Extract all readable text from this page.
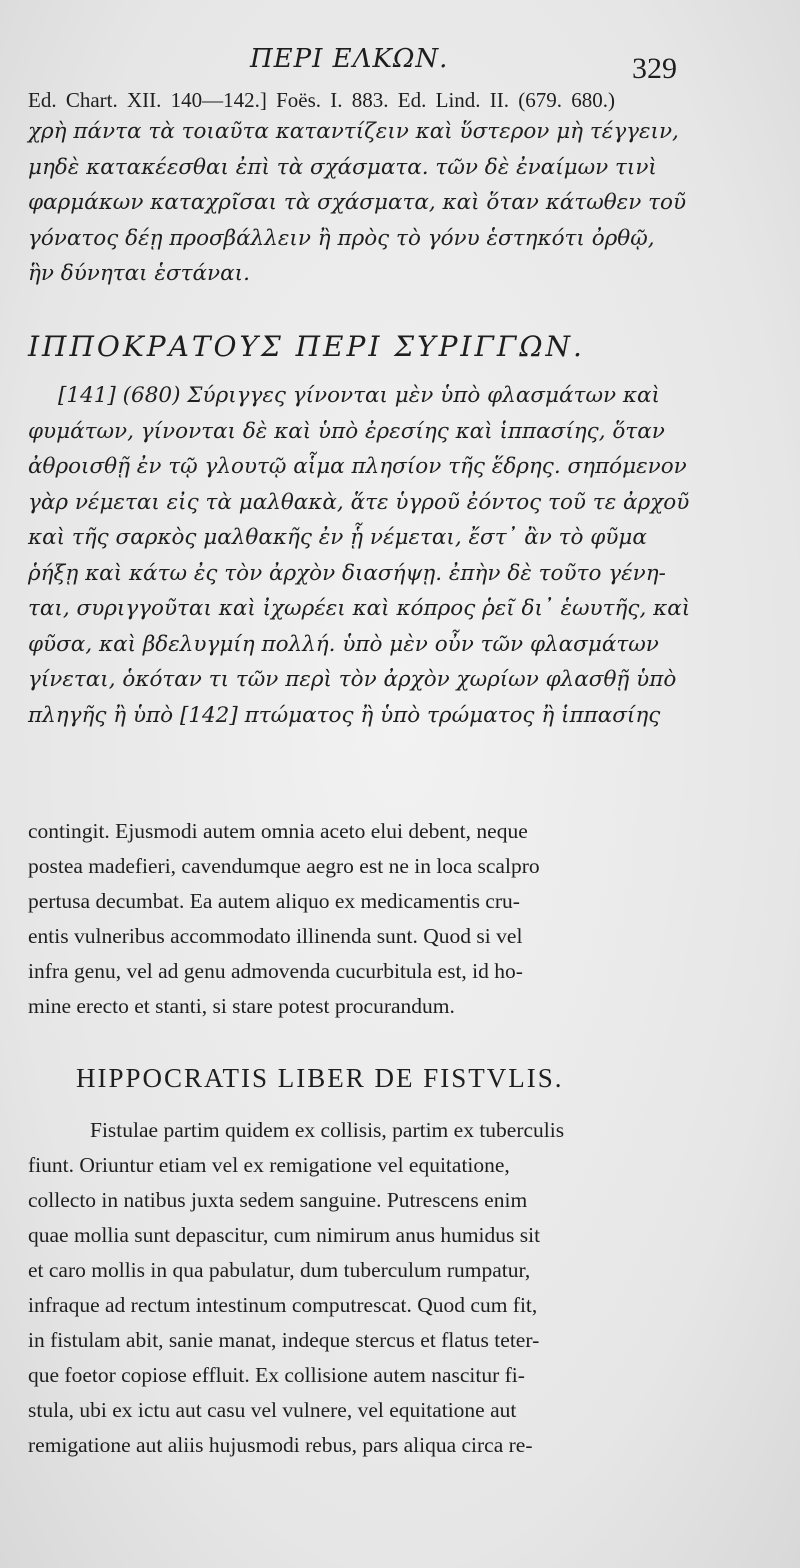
ΠΕΡΙ ΕΛΚΩΝ.	329
Ed. Chart. XII. 140—142.] Foës. I. 883. Ed. Lind. II. (679. 680.)

χρὴ πάντα τὰ τοιαῦτα καταντίζειν καὶ ὕστερον μὴ τέγγειν,
μηδὲ κατακέεσθαι ἐπὶ τὰ σχάσματα. τῶν δὲ ἐναίμων τινὶ
φαρμάκων καταχρῖσαι τὰ σχάσματα, καὶ ὅταν κάτωθεν τοῦ
γόνατος δέῃ προσβάλλειν ἢ πρὸς τὸ γόνυ ἑστηκότι ὀρθῷ,
ἣν δύνηται ἑστάναι.

ΙΠΠΟΚΡΑΤΟΥΣ ΠΕΡΙ ΣΥΡΙΓΓΩΝ.

[141] (680) Σύριγγες γίνονται μὲν ὑπὸ φλασμάτων καὶ
φυμάτων, γίνονται δὲ καὶ ὑπὸ ἐρεσίης καὶ ἱππασίης, ὅταν
ἀθροισθῇ ἐν τῷ γλουτῷ αἷμα πλησίον τῆς ἕδρης. σηπόμενον
γὰρ νέμεται εἰς τὰ μαλθακὰ, ἅτε ὑγροῦ ἐόντος τοῦ τε ἀρχοῦ
καὶ τῆς σαρκὸς μαλθακῆς ἐν ᾗ νέμεται, ἔστ᾽ ἂν τὸ φῦμα
ῥήξῃ καὶ κάτω ἐς τὸν ἀρχὸν διασήψῃ. ἐπὴν δὲ τοῦτο γένη-
ται, συριγγοῦται καὶ ἰχωρέει καὶ κόπρος ῥεῖ δι᾽ ἑωυτῆς, καὶ
φῦσα, καὶ βδελυγμίη πολλή. ὑπὸ μὲν οὖν τῶν φλασμάτων
γίνεται, ὁκόταν τι τῶν περὶ τὸν ἀρχὸν χωρίων φλασθῇ ὑπὸ
πληγῆς ἢ ὑπὸ [142] πτώματος ἢ ὑπὸ τρώματος ἢ ἱππασίης

contingit. Ejusmodi autem omnia aceto elui debent, neque
postea madefieri, cavendumque aegro est ne in loca scalpro
pertusa decumbat. Ea autem aliquo ex medicamentis cru-
entis vulneribus accommodato illinenda sunt. Quod si vel
infra genu, vel ad genu admovenda cucurbitula est, id ho-
mine erecto et stanti, si stare potest procurandum.

HIPPOCRATIS LIBER DE FISTVLIS.

Fistulae partim quidem ex collisis, partim ex tuberculis
fiunt. Oriuntur etiam vel ex remigatione vel equitatione,
collecto in natibus juxta sedem sanguine. Putrescens enim
quae mollia sunt depascitur, cum nimirum anus humidus sit
et caro mollis in qua pabulatur, dum tuberculum rumpatur,
infraque ad rectum intestinum computrescat. Quod cum fit,
in fistulam abit, sanie manat, indeque stercus et flatus teter-
que foetor copiose effluit. Ex collisione autem nascitur fi-
stula, ubi ex ictu aut casu vel vulnere, vel equitatione aut
remigatione aut aliis hujusmodi rebus, pars aliqua circa re-
